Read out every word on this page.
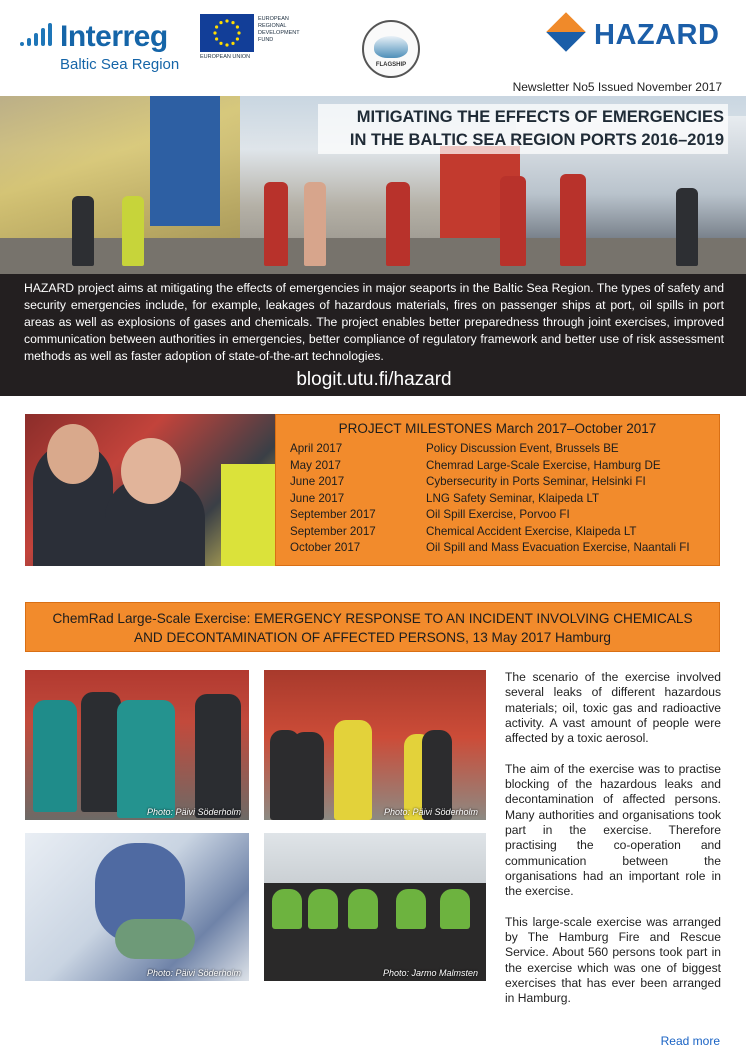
Interreg
Baltic Sea Region
EUROPEAN REGIONAL DEVELOPMENT FUND
EUROPEAN UNION
FLAGSHIP
HAZARD
Newsletter No5 Issued November 2017
MITIGATING THE EFFECTS OF EMERGENCIES
IN THE BALTIC SEA REGION PORTS 2016–2019

HAZARD project aims at mitigating the effects of emergencies in major seaports in the Baltic Sea Region. The types of safety and security emergencies include, for example, leakages of hazardous materials, fires on passenger ships at port, oil spills in port areas as well as explosions of gases and chemicals. The project enables better preparedness through joint exercises, improved communication between authorities in emergencies, better compliance of regulatory framework and better use of risk assessment methods as well as faster adoption of state-of-the-art technologies.

blogit.utu.fi/hazard
PROJECT MILESTONES March 2017–October 2017
April 2017	Policy Discussion Event, Brussels BE
May 2017	Chemrad Large-Scale Exercise, Hamburg DE
June 2017	Cybersecurity in Ports Seminar, Helsinki FI
June 2017	LNG Safety Seminar, Klaipeda LT
September 2017	Oil Spill Exercise, Porvoo FI
September 2017	Chemical Accident Exercise, Klaipeda LT
October 2017	Oil Spill and Mass Evacuation Exercise, Naantali FI
ChemRad Large-Scale Exercise: EMERGENCY RESPONSE TO AN INCIDENT INVOLVING CHEMICALS
AND DECONTAMINATION OF AFFECTED PERSONS, 13 May 2017 Hamburg
Photo: Päivi Söderholm	Photo: Päivi Söderholm
Photo: Päivi Söderholm	Photo: Jarmo Malmsten

The scenario of the exercise involved several leaks of different hazardous materials; oil, toxic gas and radioactive activity. A vast amount of people were affected by a toxic aerosol.

The aim of the exercise was to practise blocking of the hazardous leaks and decontamination of affected persons. Many authorities and organisations took part in the exercise. Therefore practising the co-operation and communication between the organisations had an important role in the exercise.

This large-scale exercise was arranged by The Hamburg Fire and Rescue Service. About 560 persons took part in the exercise which was one of biggest exercises that has ever been arranged in Hamburg.

Read more
